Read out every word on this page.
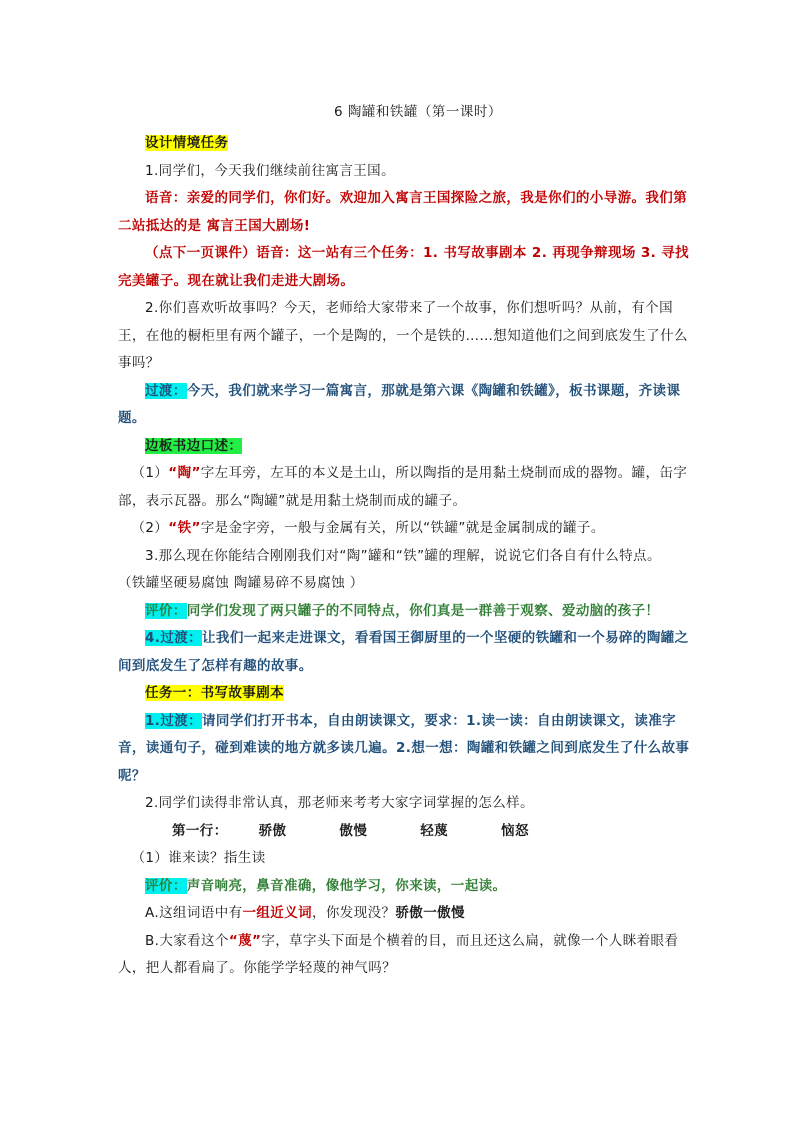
6 陶罐和铁罐（第一课时）

设计情境任务

1.同学们，今天我们继续前往寓言王国。

语音：亲爱的同学们，你们好。欢迎加入寓言王国探险之旅，我是你们的小导游。我们第二站抵达的是 寓言王国大剧场!

（点下一页课件）语音：这一站有三个任务：1. 书写故事剧本 2. 再现争辩现场 3. 寻找完美罐子。现在就让我们走进大剧场。

2.你们喜欢听故事吗？今天，老师给大家带来了一个故事，你们想听吗？从前，有个国王，在他的橱柜里有两个罐子，一个是陶的，一个是铁的……想知道他们之间到底发生了什么事吗？

过渡：今天，我们就来学习一篇寓言，那就是第六课《陶罐和铁罐》，板书课题，齐读课题。

边板书边口述：

（1）“陶”字左耳旁，左耳的本义是土山，所以陶指的是用黏土烧制而成的器物。罐，缶字部，表示瓦器。那么“陶罐”就是用黏土烧制而成的罐子。

（2）“铁”字是金字旁，一般与金属有关，所以“铁罐”就是金属制成的罐子。

3.那么现在你能结合刚刚我们对“陶”罐和“铁”罐的理解，说说它们各自有什么特点。

（铁罐坚硬易腐蚀 陶罐易碎不易腐蚀 ）

评价：同学们发现了两只罐子的不同特点，你们真是一群善于观察、爱动脑的孩子！

4.过渡：让我们一起来走进课文，看看国王御厨里的一个坚硬的铁罐和一个易碎的陶罐之间到底发生了怎样有趣的故事。

任务一：书写故事剧本

1.过渡：请同学们打开书本，自由朗读课文，要求：1.读一读：自由朗读课文，读准字音，读通句子，碰到难读的地方就多读几遍。2.想一想：陶罐和铁罐之间到底发生了什么故事呢？

2.同学们读得非常认真，那老师来考考大家字词掌握的怎么样。

第一行： 骄傲	傲慢	轻蔑	恼怒

（1）谁来读？指生读

评价：声音响亮，鼻音准确，像他学习，你来读，一起读。

A.这组词语中有一组近义词，你发现没？骄傲一傲慢

B.大家看这个“蔑”字，草字头下面是个横着的目，而且还这么扁，就像一个人眯着眼看人，把人都看扁了。你能学学轻蔑的神气吗？
